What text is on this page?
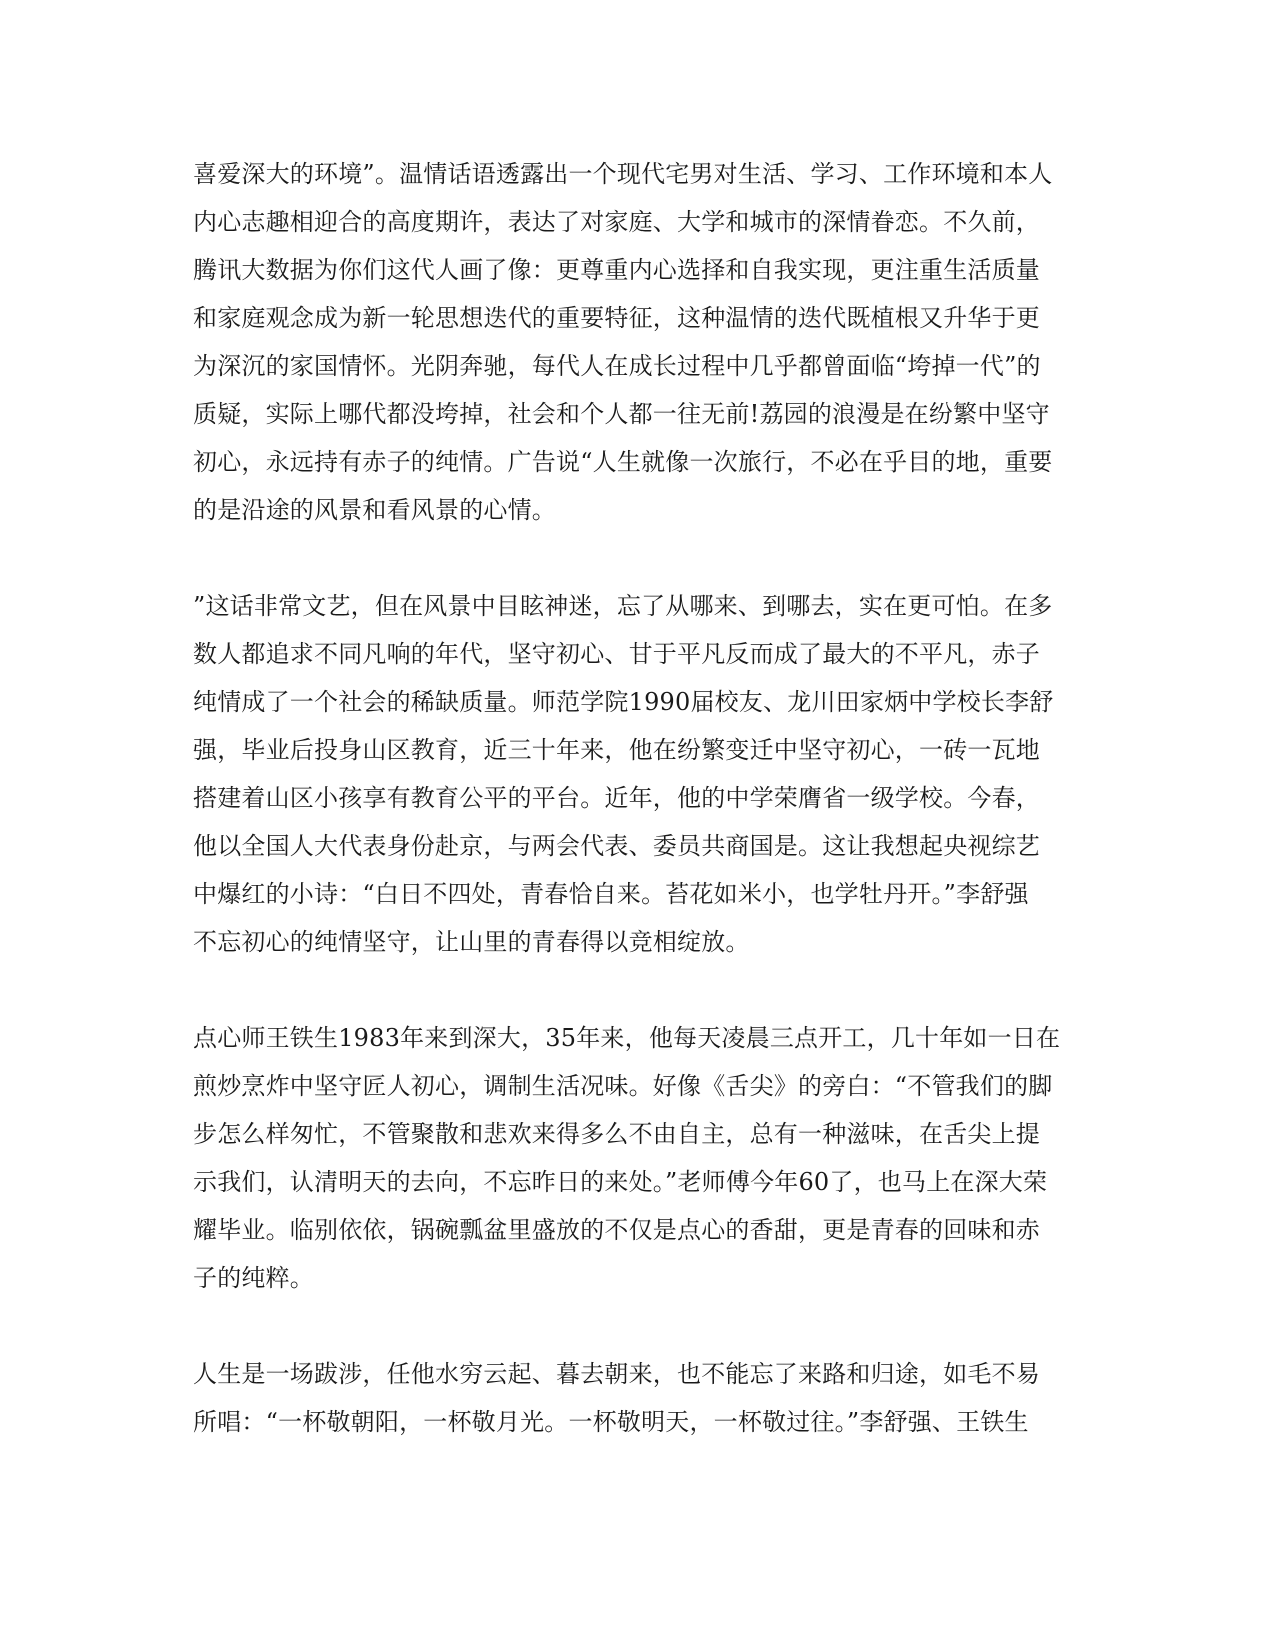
喜爱深大的环境”。温情话语透露出一个现代宅男对生活、学习、工作环境和本人
内心志趣相迎合的高度期许，表达了对家庭、大学和城市的深情眷恋。不久前，
腾讯大数据为你们这代人画了像：更尊重内心选择和自我实现，更注重生活质量
和家庭观念成为新一轮思想迭代的重要特征，这种温情的迭代既植根又升华于更
为深沉的家国情怀。光阴奔驰，每代人在成长过程中几乎都曾面临“垮掉一代”的
质疑，实际上哪代都没垮掉，社会和个人都一往无前!荔园的浪漫是在纷繁中坚守
初心，永远持有赤子的纯情。广告说“人生就像一次旅行，不必在乎目的地，重要
的是沿途的风景和看风景的心情。

”这话非常文艺，但在风景中目眩神迷，忘了从哪来、到哪去，实在更可怕。在多
数人都追求不同凡响的年代，坚守初心、甘于平凡反而成了最大的不平凡，赤子
纯情成了一个社会的稀缺质量。师范学院1990届校友、龙川田家炳中学校长李舒
强，毕业后投身山区教育，近三十年来，他在纷繁变迁中坚守初心，一砖一瓦地
搭建着山区小孩享有教育公平的平台。近年，他的中学荣膺省一级学校。今春，
他以全国人大代表身份赴京，与两会代表、委员共商国是。这让我想起央视综艺
中爆红的小诗：“白日不四处，青春恰自来。苔花如米小，也学牡丹开。”李舒强
不忘初心的纯情坚守，让山里的青春得以竞相绽放。

点心师王铁生1983年来到深大，35年来，他每天凌晨三点开工，几十年如一日在
煎炒烹炸中坚守匠人初心，调制生活况味。好像《舌尖》的旁白：“不管我们的脚
步怎么样匆忙，不管聚散和悲欢来得多么不由自主，总有一种滋味，在舌尖上提
示我们，认清明天的去向，不忘昨日的来处。”老师傅今年60了，也马上在深大荣
耀毕业。临别依依，锅碗瓢盆里盛放的不仅是点心的香甜，更是青春的回味和赤
子的纯粹。

人生是一场跋涉，任他水穷云起、暮去朝来，也不能忘了来路和归途，如毛不易
所唱：“一杯敬朝阳，一杯敬月光。一杯敬明天，一杯敬过往。”李舒强、王铁生
